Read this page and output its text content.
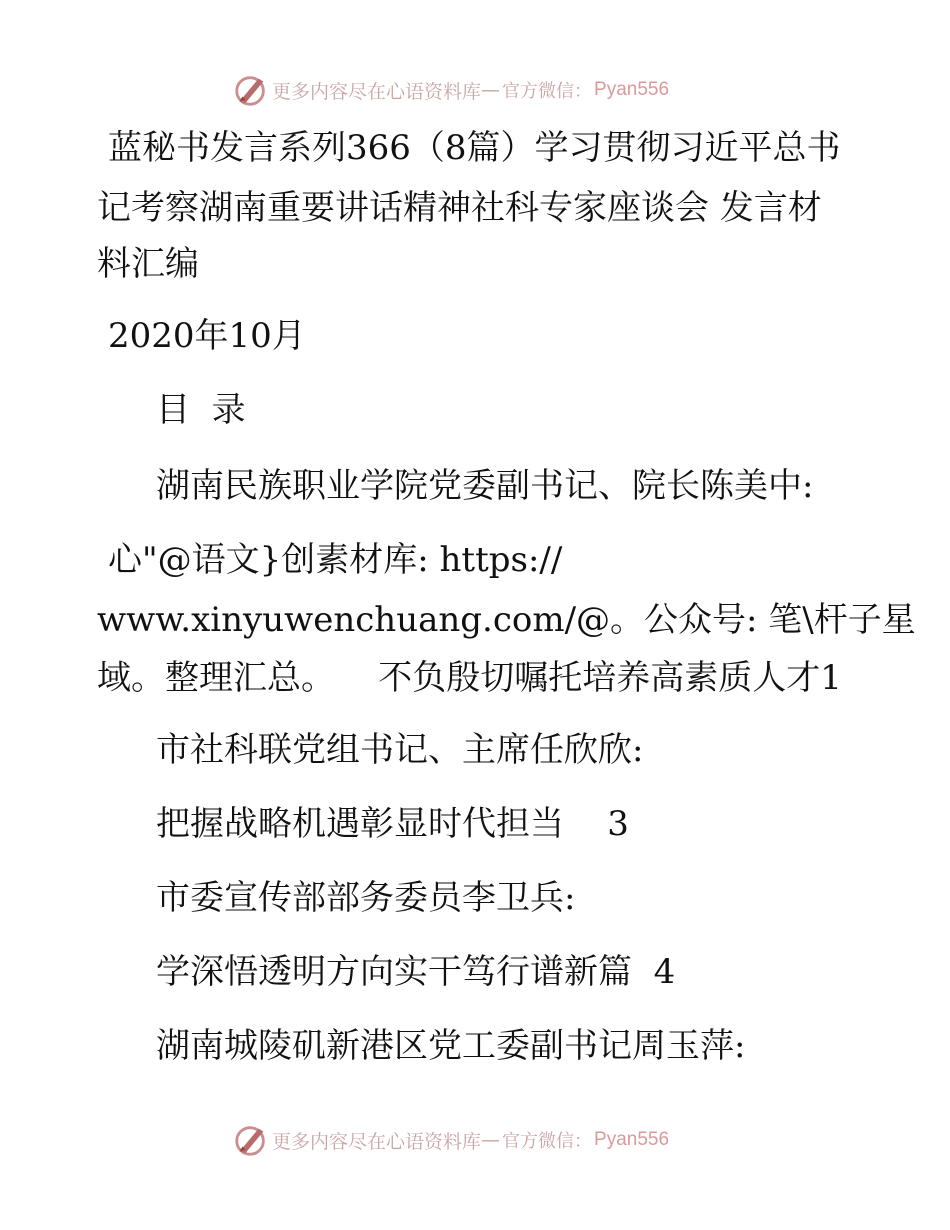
更多内容尽在心语资料库 — 官方微信： Pyan556
蓝秘书发言系列366（8篇）学习贯彻习近平总书
记考察湖南重要讲话精神社科专家座谈会 发言材
料汇编
2020年10月
目  录
湖南民族职业学院党委副书记、院长陈美中:
心"@语文}创素材库: https://
www.xinyuwenchuang.com/@。公众号: 笔\杆子星
域。整理汇总。    不负殷切嘱托培养高素质人才1
市社科联党组书记、主席任欣欣:
把握战略机遇彰显时代担当    3
市委宣传部部务委员李卫兵:
学深悟透明方向实干笃行谱新篇  4
湖南城陵矶新港区党工委副书记周玉萍:
更多内容尽在心语资料库 — 官方微信： Pyan556
